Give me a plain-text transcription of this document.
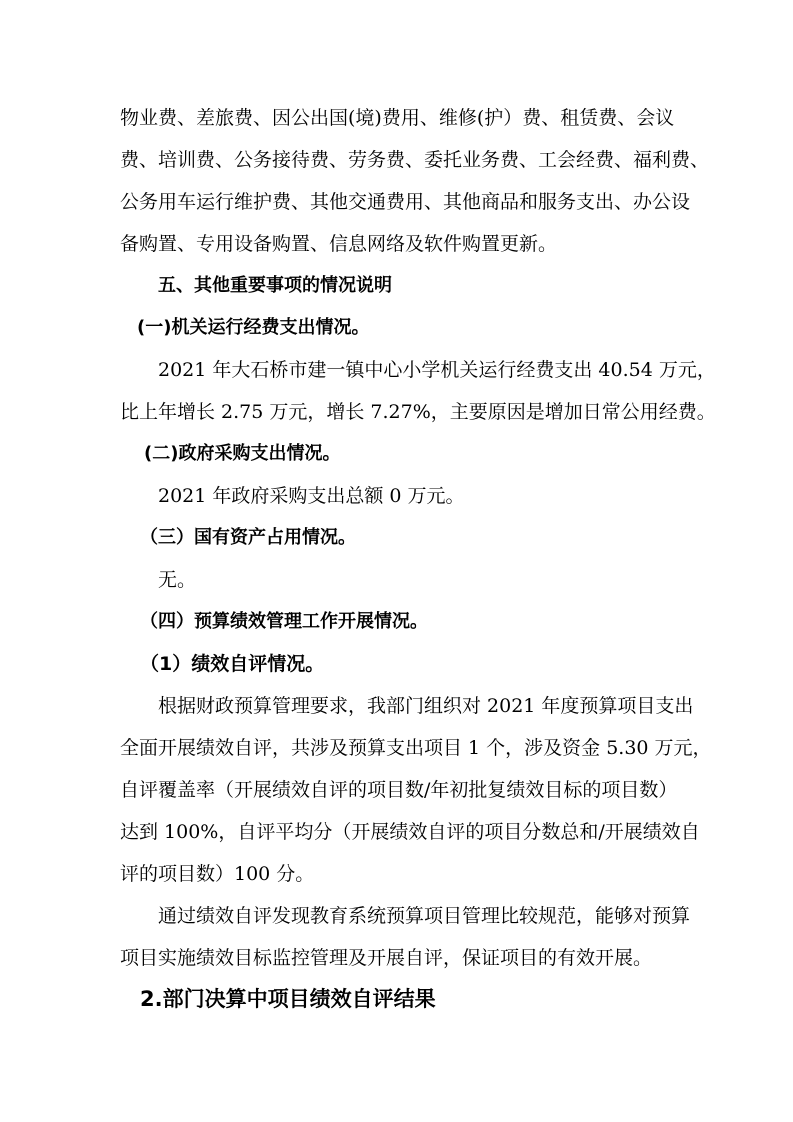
物业费、差旅费、因公出国(境)费用、维修(护）费、租赁费、会议

费、培训费、公务接待费、劳务费、委托业务费、工会经费、福利费、

公务用车运行维护费、其他交通费用、其他商品和服务支出、办公设

备购置、专用设备购置、信息网络及软件购置更新。

五、其他重要事项的情况说明

(一)机关运行经费支出情况。

2021 年大石桥市建一镇中心小学机关运行经费支出 40.54 万元，

比上年增长 2.75 万元，增长 7.27%，主要原因是增加日常公用经费。

(二)政府采购支出情况。

2021 年政府采购支出总额 0 万元。

（三）国有资产占用情况。

无。

（四）预算绩效管理工作开展情况。

（1）绩效自评情况。

根据财政预算管理要求，我部门组织对 2021 年度预算项目支出

全面开展绩效自评，共涉及预算支出项目 1 个，涉及资金 5.30 万元，

自评覆盖率（开展绩效自评的项目数/年初批复绩效目标的项目数）

达到 100%，自评平均分（开展绩效自评的项目分数总和/开展绩效自

评的项目数）100 分。

通过绩效自评发现教育系统预算项目管理比较规范，能够对预算

项目实施绩效目标监控管理及开展自评，保证项目的有效开展。

2.部门决算中项目绩效自评结果
